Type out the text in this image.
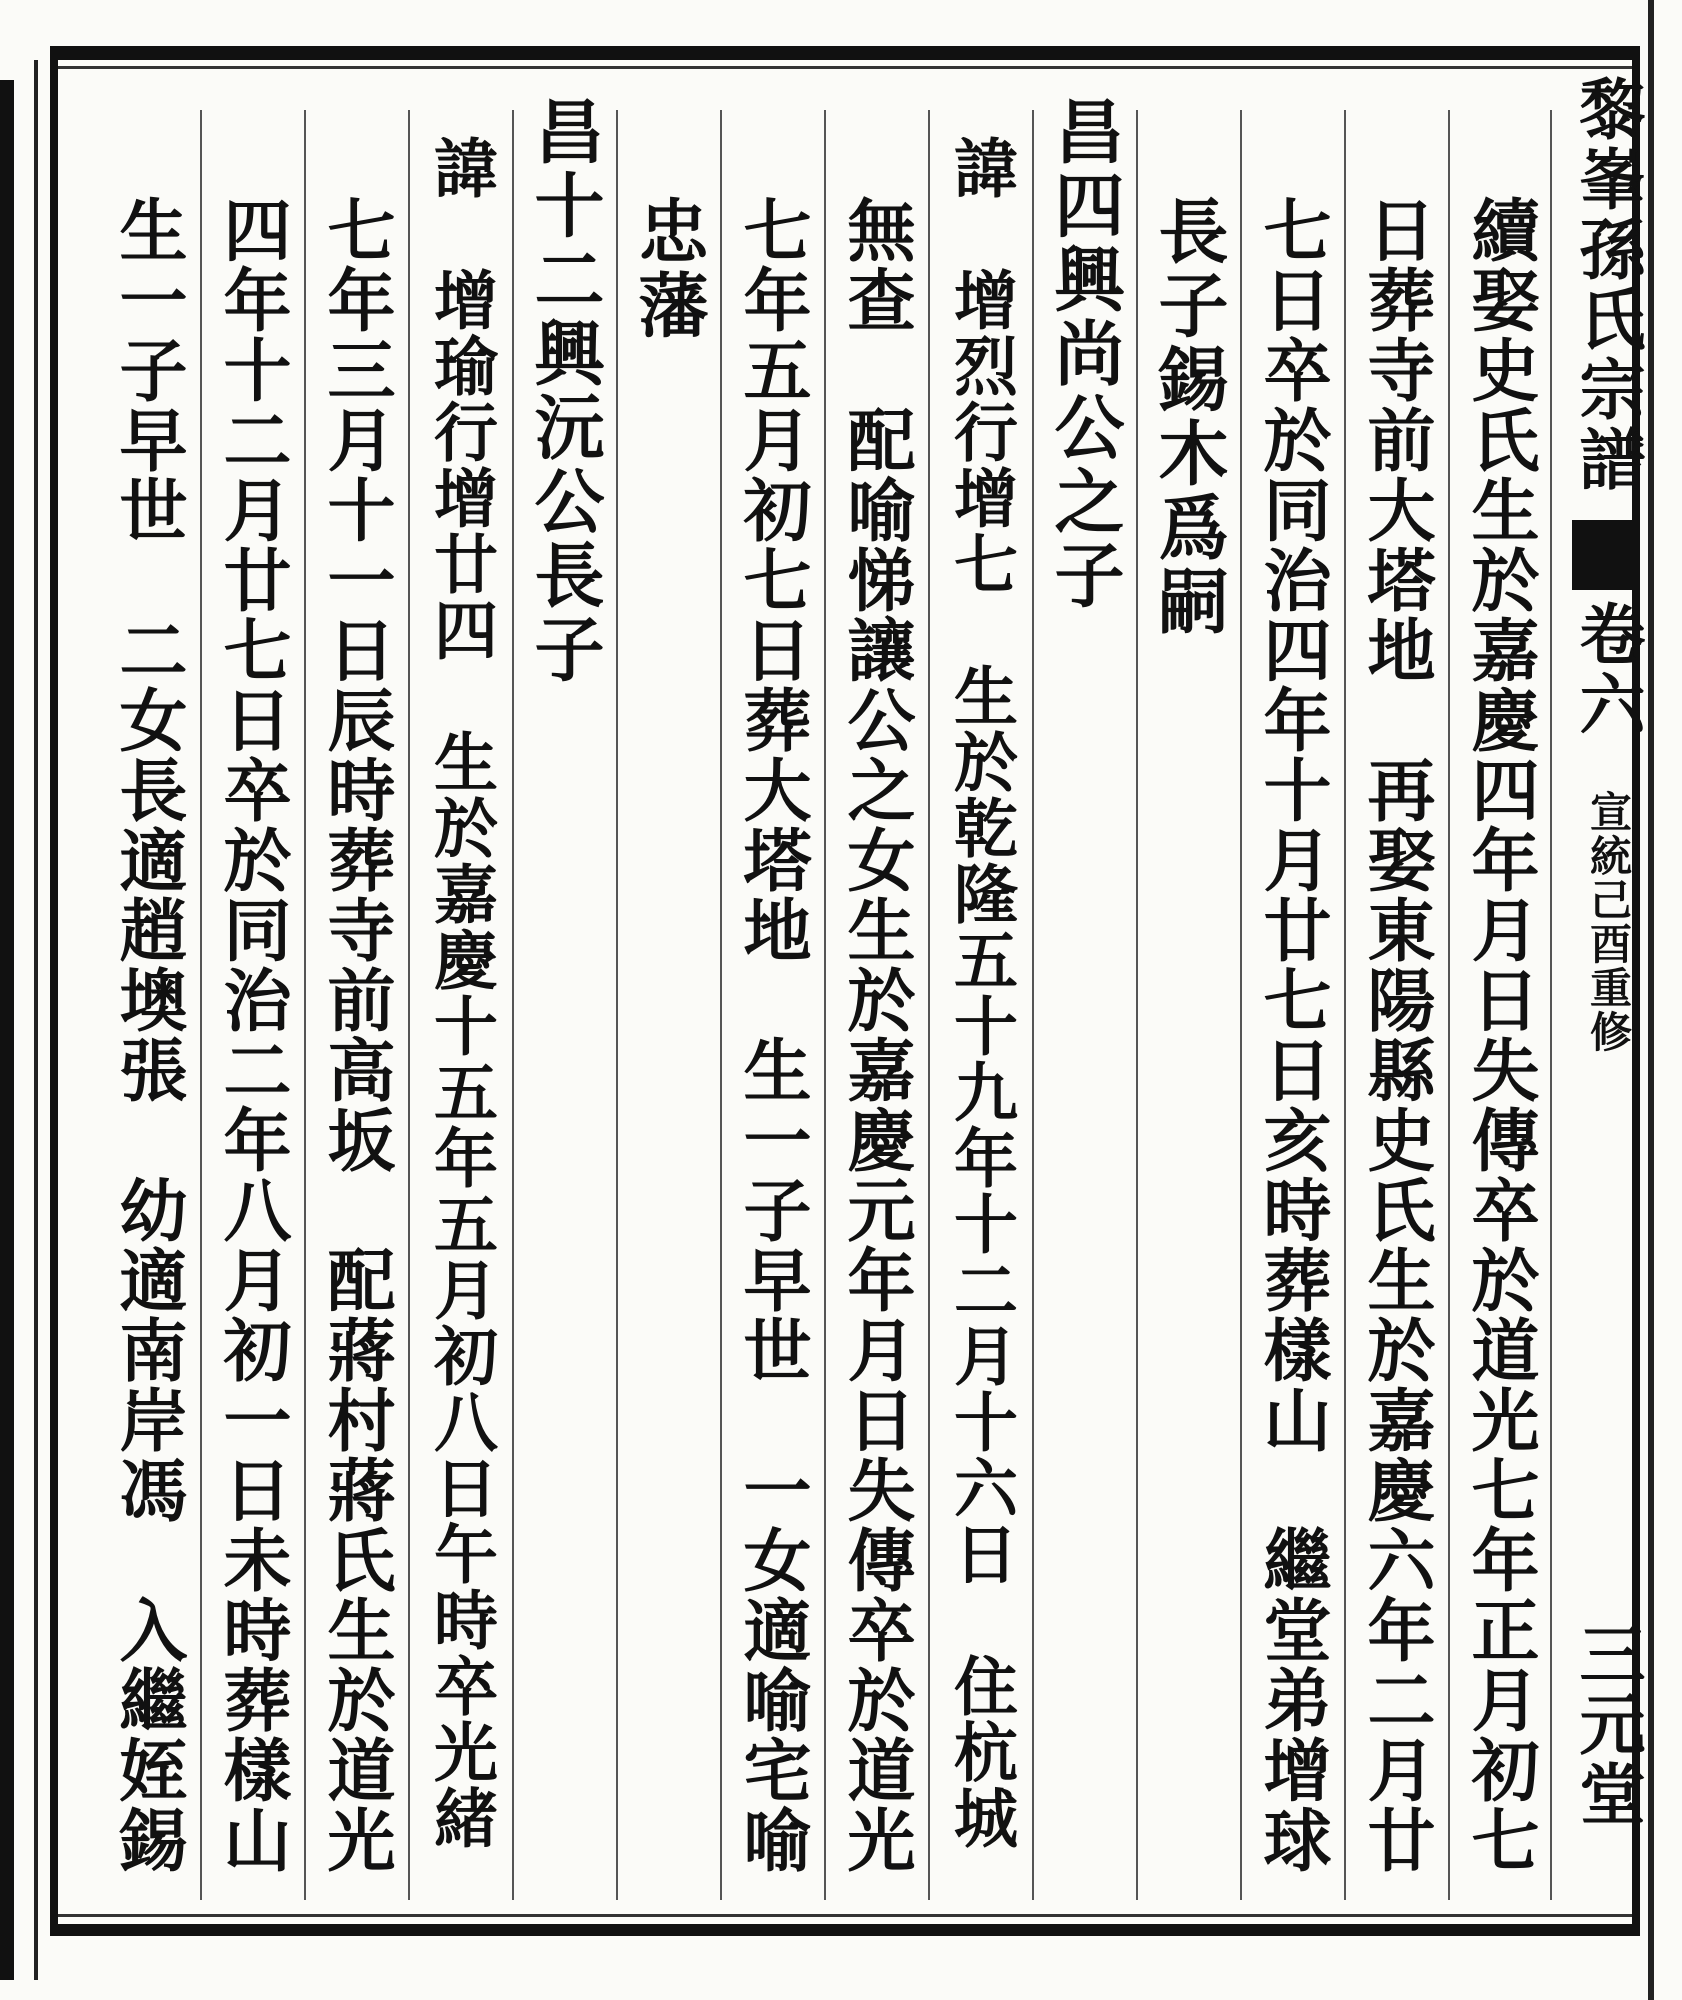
黎峯孫氏宗譜
卷六
宣統己酉重修
三元堂
續娶史氏生於嘉慶四年月日失傳卒於道光七年正月初七
日葬寺前大塔地　再娶東陽縣史氏生於嘉慶六年二月廿
七日卒於同治四年十月廿七日亥時葬樣山　繼堂弟增球
長子錫木爲嗣
昌四興尚公之子
諱　增烈行增七　生於乾隆五十九年十二月十六日　住杭城
無查　配喻悌讓公之女生於嘉慶元年月日失傳卒於道光
七年五月初七日葬大塔地　生一子早世　一女適喻宅喻
忠藩
昌十二興沅公長子
諱　增瑜行增廿四　生於嘉慶十五年五月初八日午時卒光緒
七年三月十一日辰時葬寺前高坂　配蔣村蔣氏生於道光
四年十二月廿七日卒於同治二年八月初一日未時葬樣山
生一子早世　二女長適趙墺張　幼適南岸馮　入繼姪錫
